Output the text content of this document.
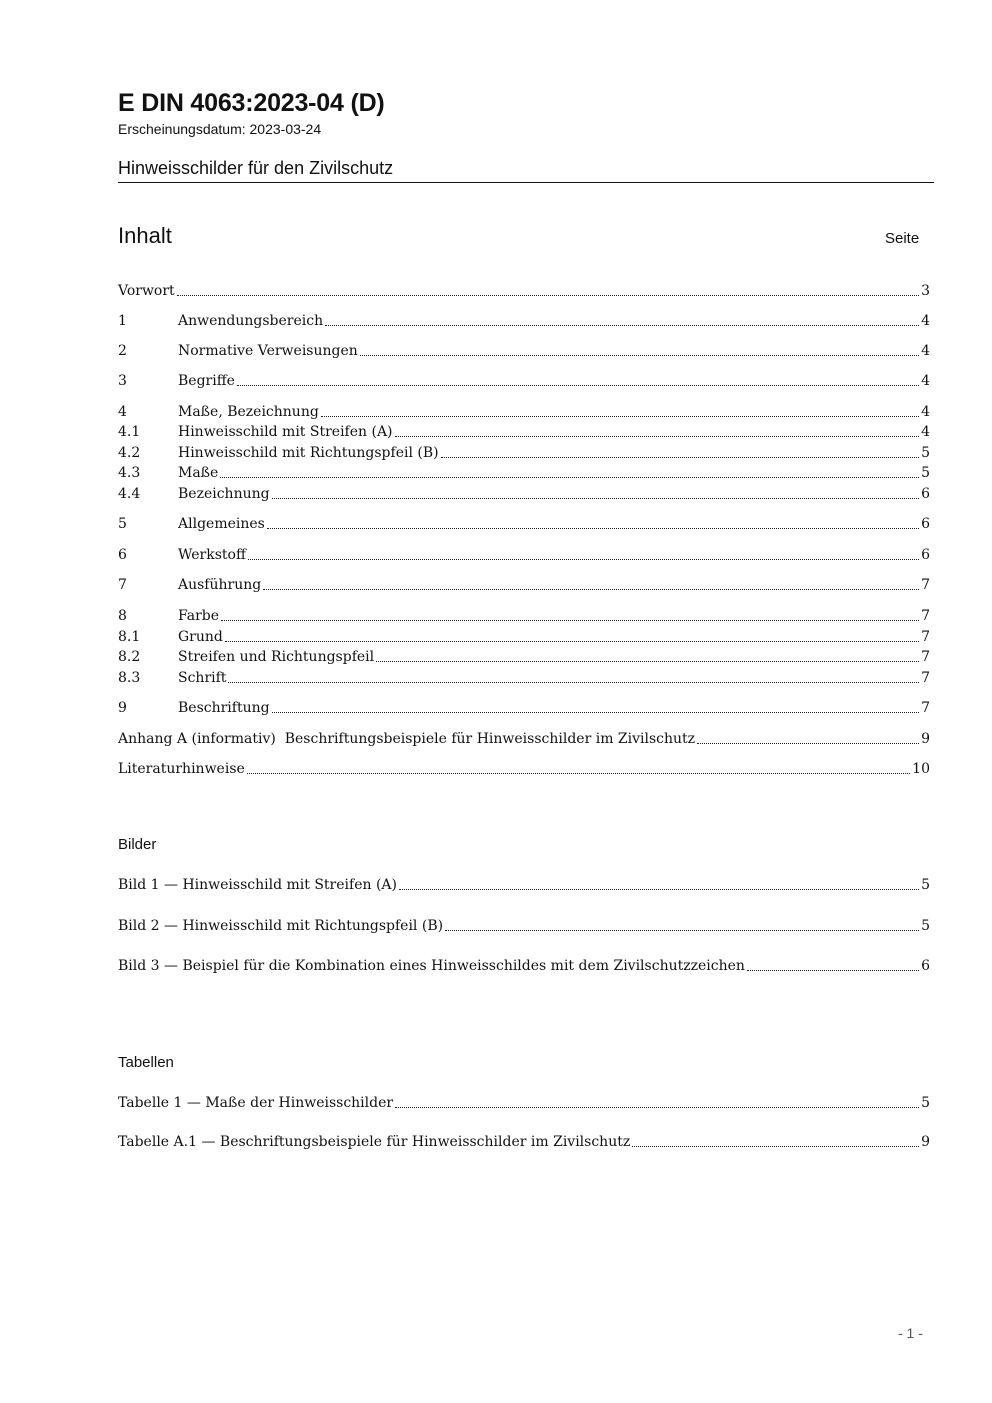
E DIN 4063:2023-04 (D)
Erscheinungsdatum: 2023-03-24
Hinweisschilder für den Zivilschutz
Inhalt	Seite
Vorwort	3
1	Anwendungsbereich	4
2	Normative Verweisungen	4
3	Begriffe	4
4	Maße, Bezeichnung	4
4.1	Hinweisschild mit Streifen (A)	4
4.2	Hinweisschild mit Richtungspfeil (B)	5
4.3	Maße	5
4.4	Bezeichnung	6
5	Allgemeines	6
6	Werkstoff	6
7	Ausführung	7
8	Farbe	7
8.1	Grund	7
8.2	Streifen und Richtungspfeil	7
8.3	Schrift	7
9	Beschriftung	7
Anhang A (informativ)  Beschriftungsbeispiele für Hinweisschilder im Zivilschutz	9
Literaturhinweise	10
Bilder
Bild 1 — Hinweisschild mit Streifen (A)	5
Bild 2 — Hinweisschild mit Richtungspfeil (B)	5
Bild 3 — Beispiel für die Kombination eines Hinweisschildes mit dem Zivilschutzzeichen	6
Tabellen
Tabelle 1 — Maße der Hinweisschilder	5
Tabelle A.1 — Beschriftungsbeispiele für Hinweisschilder im Zivilschutz	9
- 1 -
